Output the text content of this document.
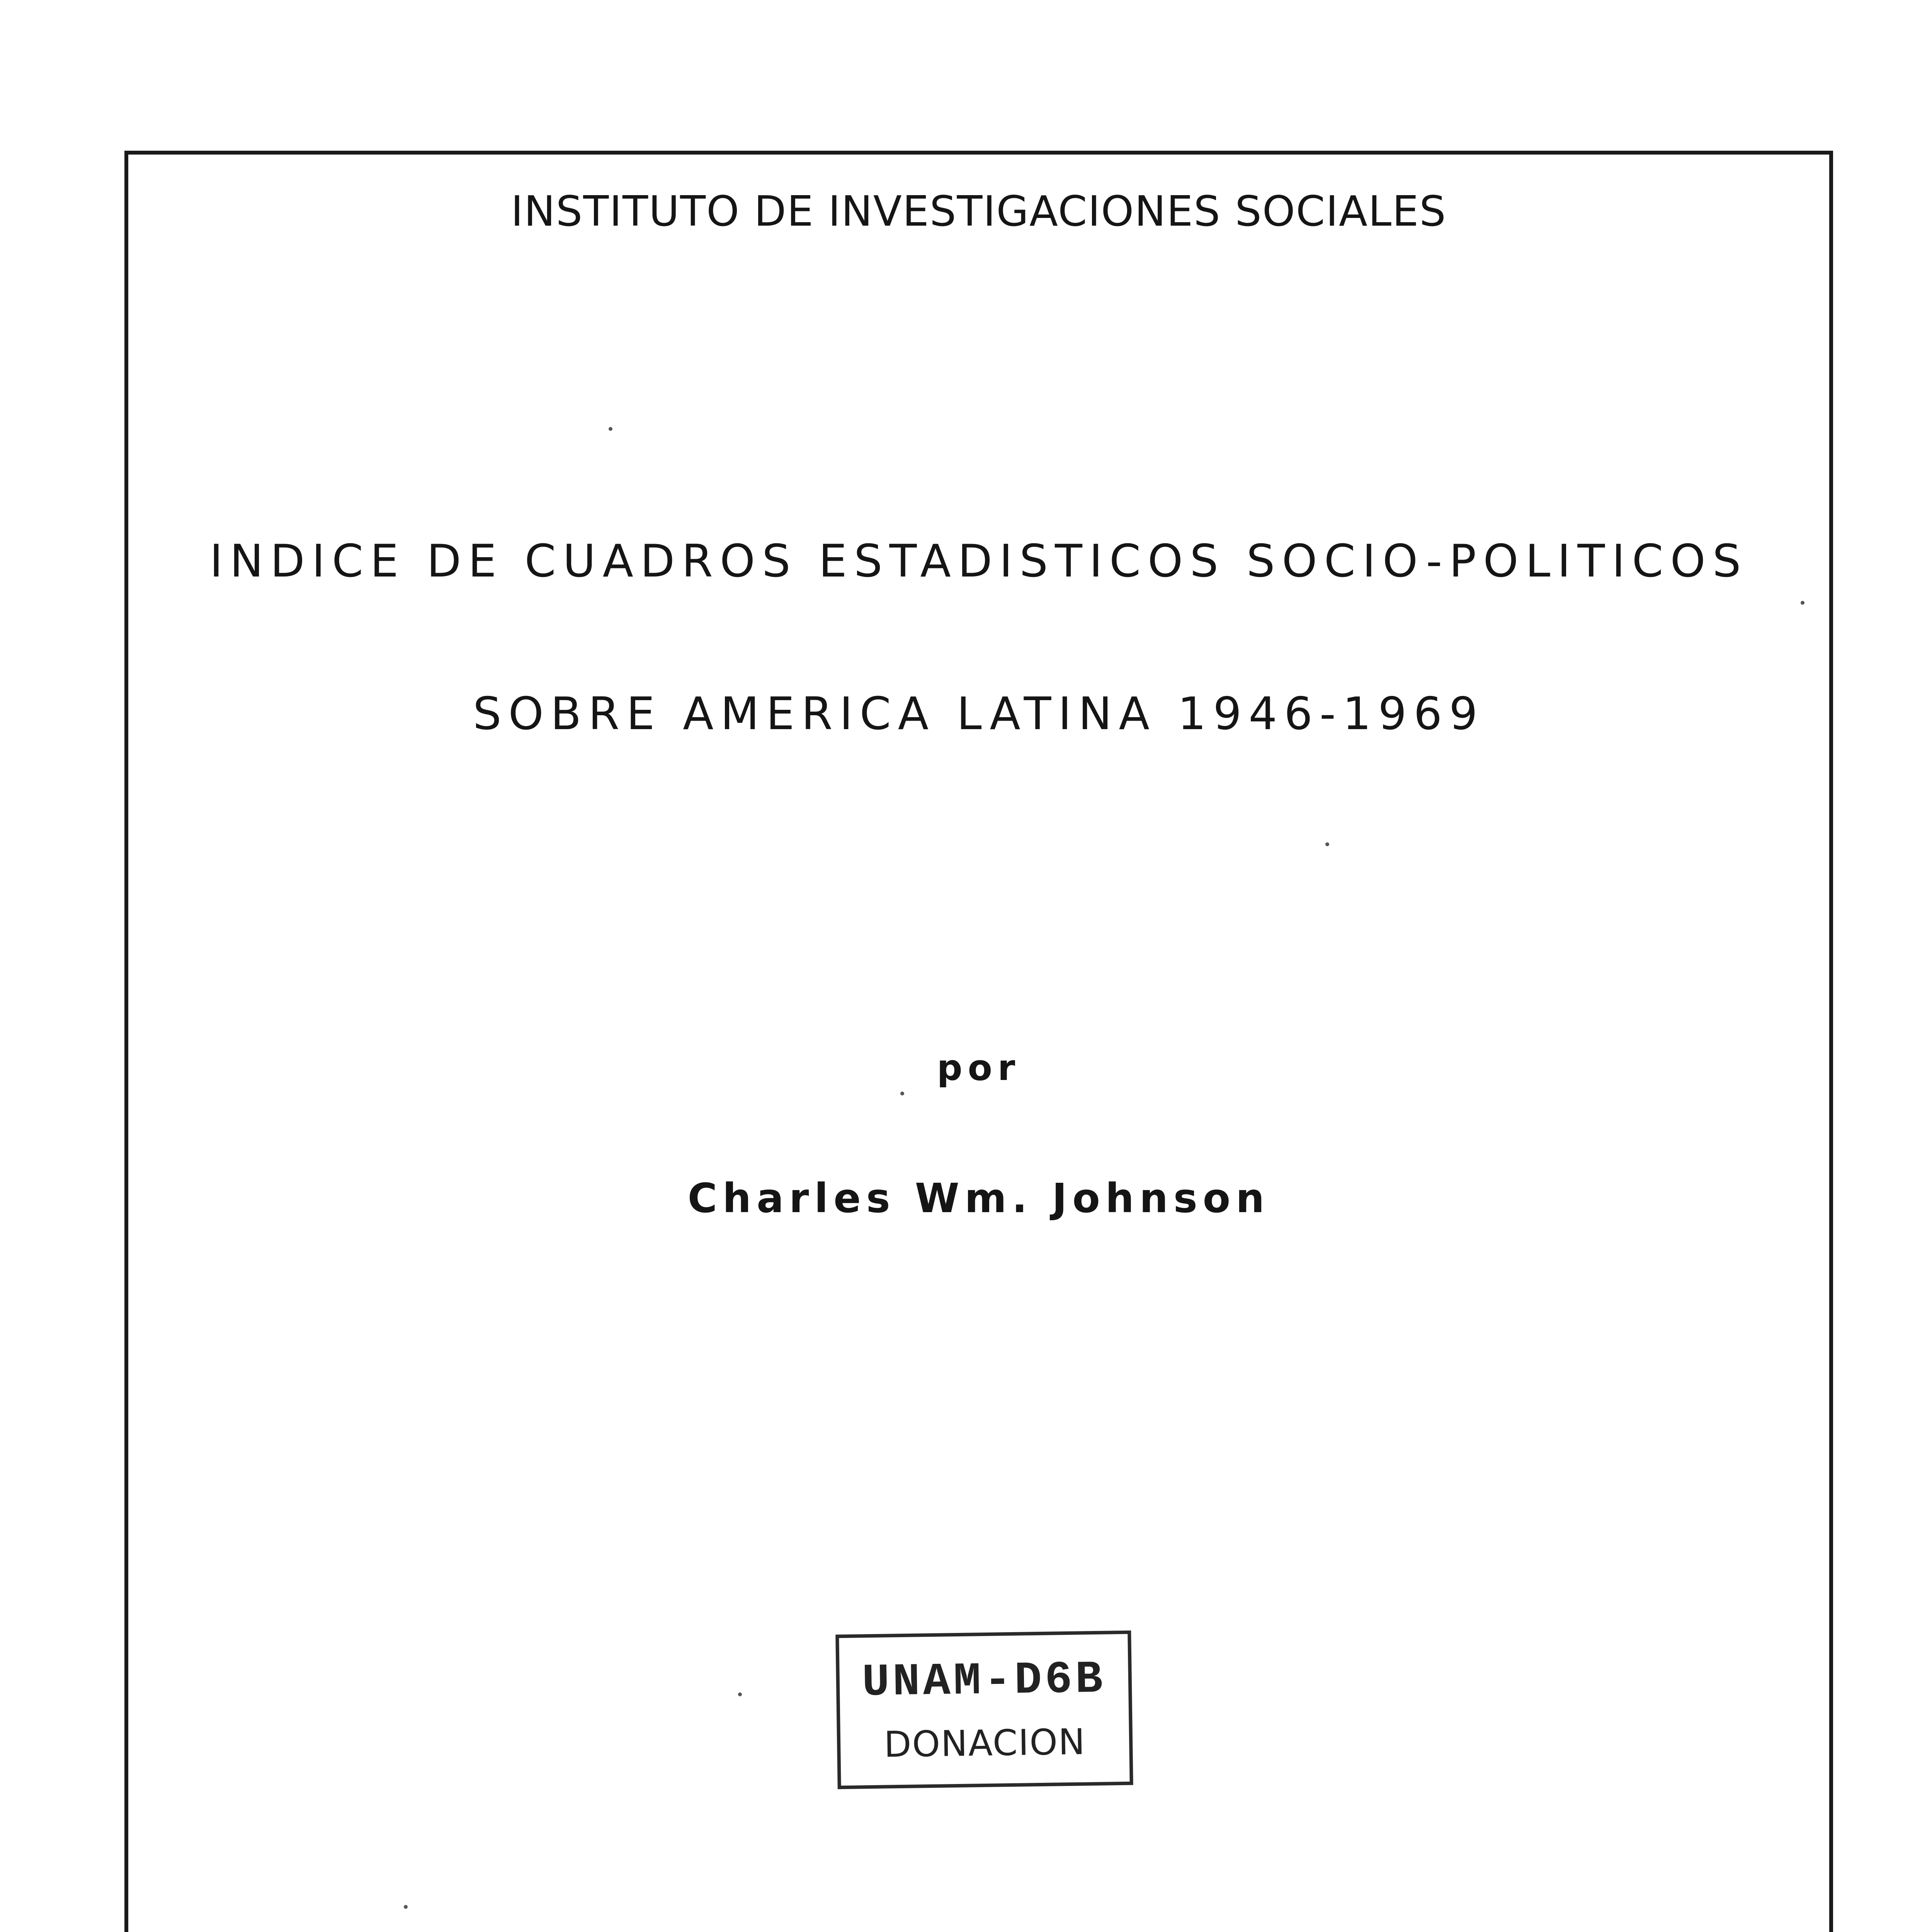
INSTITUTO DE INVESTIGACIONES SOCIALES
INDICE DE CUADROS ESTADISTICOS SOCIO-POLITICOS
SOBRE AMERICA LATINA 1946-1969
por
Charles Wm. Johnson
UNAM-D6B
DONACION
